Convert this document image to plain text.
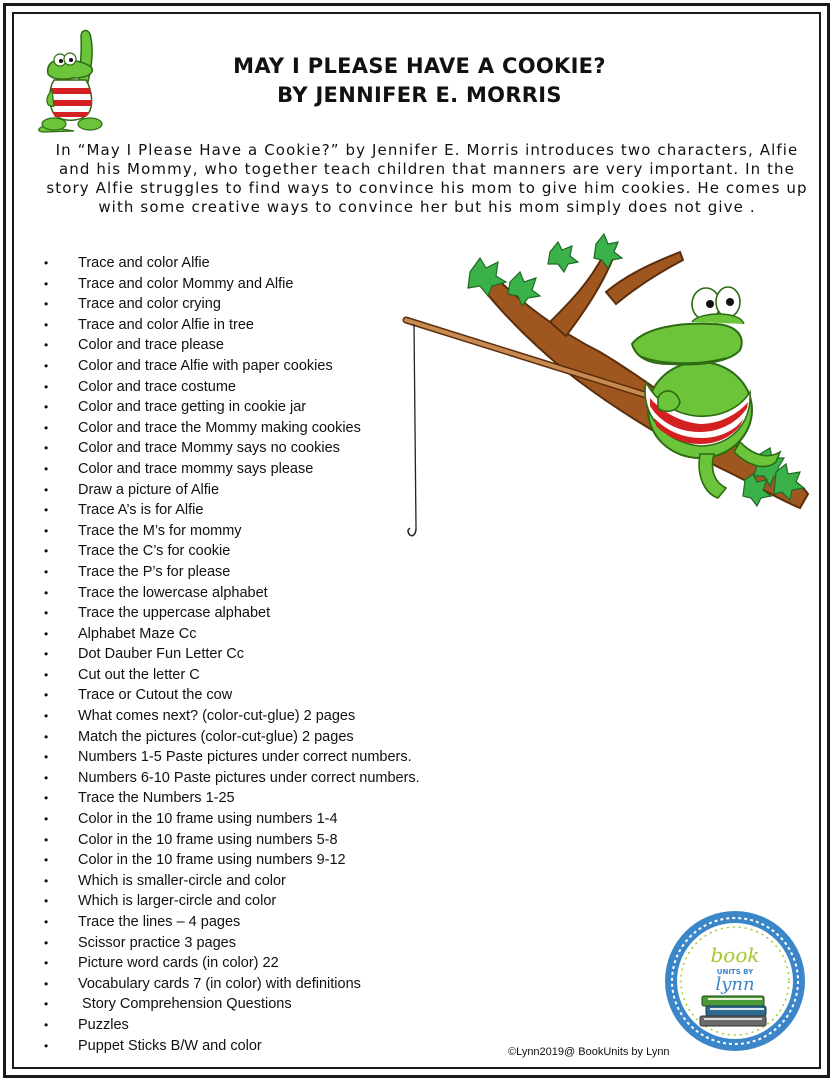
MAY I PLEASE HAVE A COOKIE?
BY JENNIFER E. MORRIS
In “May I Please Have a Cookie?” by Jennifer E. Morris introduces two characters, Alfie and his Mommy, who together teach children that manners are very important. In the story Alfie struggles to find ways to convince his mom to give him cookies. He comes up with some creative ways to convince her but his mom simply does not give .
• Trace and color Alfie
• Trace and color Mommy and Alfie
• Trace and color crying
• Trace and color Alfie in tree
• Color and trace please
• Color and trace Alfie with paper cookies
• Color and trace costume
• Color and trace getting in cookie jar
• Color and trace the Mommy making cookies
• Color and trace Mommy says no cookies
• Color and trace mommy says please
• Draw a picture of Alfie
• Trace A’s is for Alfie
• Trace the M’s for mommy
• Trace the C’s for cookie
• Trace the P’s for please
• Trace the lowercase alphabet
• Trace the uppercase alphabet
• Alphabet Maze Cc
• Dot Dauber Fun Letter Cc
• Cut out the letter C
• Trace or Cutout the cow
• What comes next? (color-cut-glue) 2 pages
• Match the pictures (color-cut-glue) 2 pages
• Numbers 1-5 Paste pictures under correct numbers.
• Numbers 6-10 Paste pictures under correct numbers.
• Trace the Numbers 1-25
• Color in the 10 frame using numbers 1-4
• Color in the 10 frame using numbers 5-8
• Color in the 10 frame using numbers 9-12
• Which is smaller-circle and color
• Which is larger-circle and color
• Trace the lines – 4 pages
• Scissor practice 3 pages
• Picture word cards (in color) 22
• Vocabulary cards 7 (in color) with definitions
• Story Comprehension Questions
• Puzzles
• Puppet Sticks B/W and color
book
UNITS BY
lynn
©Lynn2019@ BookUnits by Lynn
